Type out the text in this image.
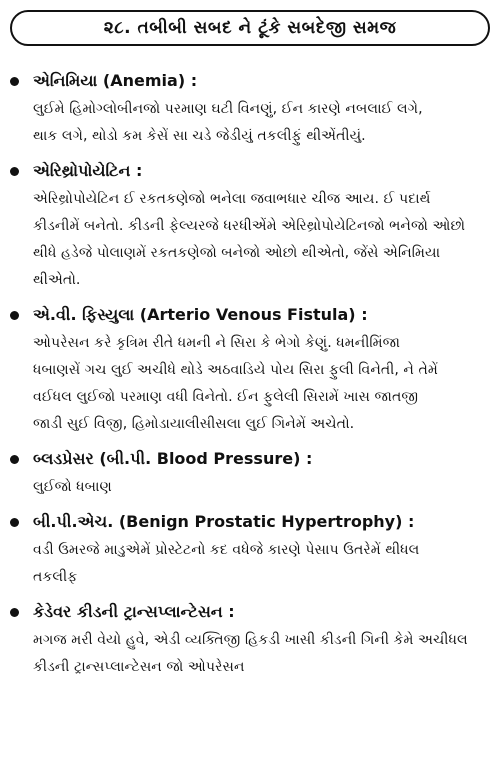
૨૮. તબીબી સબદ ને ટૂંકે સબદેજી સમજ
એનિમિયા (Anemia) :
લુઈમે હિમોગ્લોબીનજો પરમાણ ઘટી વિનણું, ઈન કારણે નબલાઈ લગે,
થાક લગે, થોડો કમ કેસેં સા ચડે જેડીયું તકલીફું થીએંતીયું.
એરિથ્રોપોયેટિન :
એરિથ્રોપોયેટિન ઈ રકતકણેજો ભનેલા જવાભધાર ચીજ આય. ઈ પદાર્થ
કીડનીમેં બનેતો. કીડની ફેલ્યરજે ધરધીએંમે એરિથ્રોપોયેટિનજો ભનેજો ઓછો
થીધે હડેજે પોલાણમેં રકતકણેજો બનેજો ઓછો થીએતો, જેંસે એનિમિયા
થીએતો.
એ.વી. ફિસ્યુલા (Arterio Venous Fistula) :
ઓપરેસન કરે કૃત્રિમ રીતે ધમની ને સિરા કે ભેગો કેણું. ધમનીમિંજા
ધબાણસેં ગચ લુઈ અચીધે થોડે અઠવાડિયે પોય સિરા ફુલી વિનેતી, ને તેમેં
વઈધલ લુઈજો પરમાણ વધી વિનેતો. ઈન ફુલેલી સિરામેં ખાસ જાતજી
જાડી સુઈ વિજી, હિમોડાયાલીસીસલા લુઈ ગિનેમેં અચેતો.
બ્લડપ્રેસર (બી.પી. Blood Pressure) :
લુઈજો ધબાણ
બી.પી.એચ. (Benign Prostatic Hypertrophy) :
વડી ઉમરજે માડુએમેં પ્રોસ્ટેટનો કદ વધેજે કારણે પેસાપ ઉતરેમેં થીધલ
તકલીફ
કેડેવર કીડની ટ્રાન્સપ્લાન્ટેસન :
મગજ મરી વેયો હુવે, એડી વ્યક્તિજી હિકડી ખાસી કીડની ગિની કેમે અચીધલ
કીડની ટ્રાન્સપ્લાન્ટેસન જો ઓપરેસન
